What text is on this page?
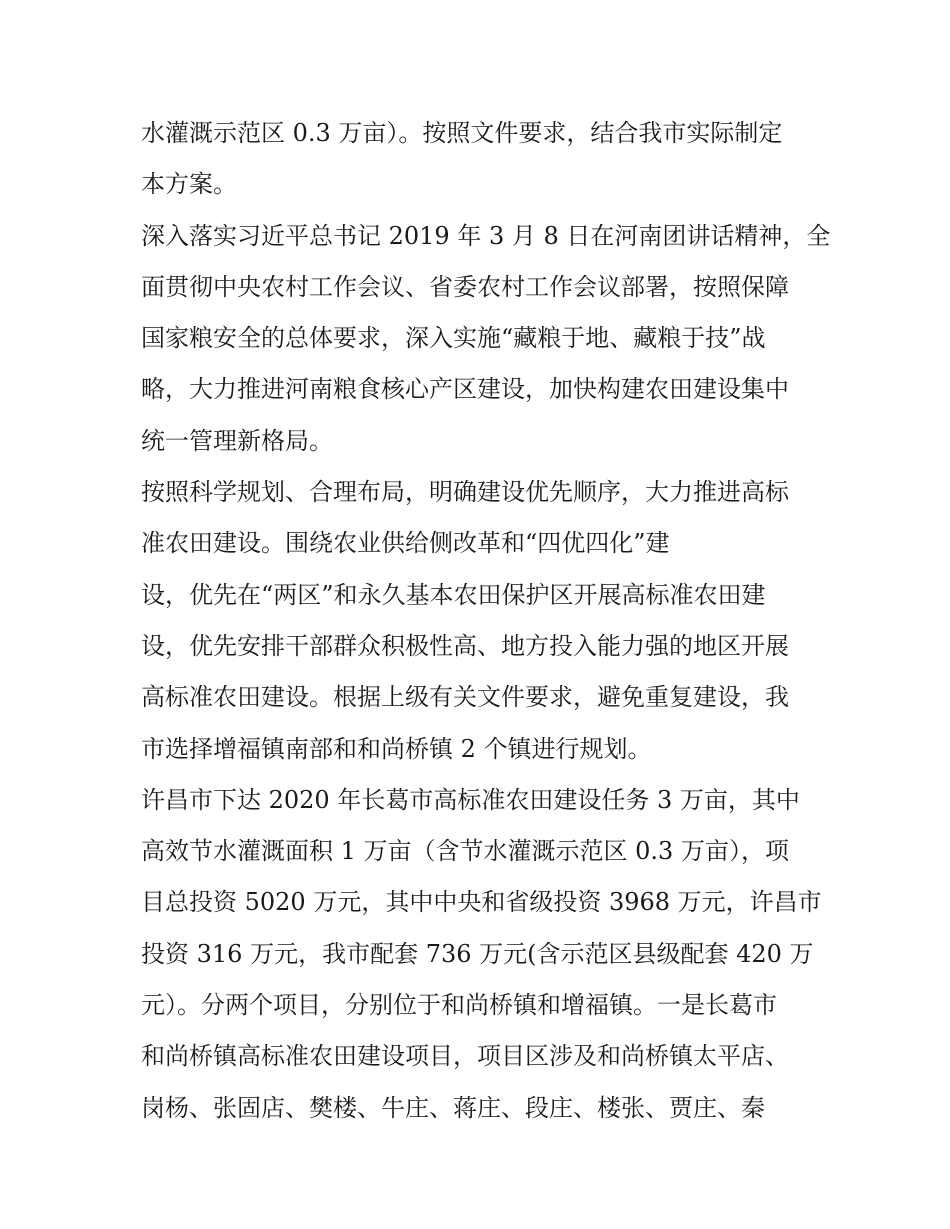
水灌溉示范区 0.3 万亩）。按照文件要求，结合我市实际制定
本方案。
深入落实习近平总书记 2019 年 3 月 8 日在河南团讲话精神，全
面贯彻中央农村工作会议、省委农村工作会议部署，按照保障
国家粮安全的总体要求，深入实施“藏粮于地、藏粮于技”战
略，大力推进河南粮食核心产区建设，加快构建农田建设集中
统一管理新格局。
按照科学规划、合理布局，明确建设优先顺序，大力推进高标
准农田建设。围绕农业供给侧改革和“四优四化”建
设，优先在“两区”和永久基本农田保护区开展高标准农田建
设，优先安排干部群众积极性高、地方投入能力强的地区开展
高标准农田建设。根据上级有关文件要求，避免重复建设，我
市选择增福镇南部和和尚桥镇 2 个镇进行规划。
许昌市下达 2020 年长葛市高标准农田建设任务 3 万亩，其中
高效节水灌溉面积 1 万亩（含节水灌溉示范区 0.3 万亩），项
目总投资 5020 万元，其中中央和省级投资 3968 万元，许昌市
投资 316 万元，我市配套 736 万元(含示范区县级配套 420 万
元）。分两个项目，分别位于和尚桥镇和增福镇。一是长葛市
和尚桥镇高标准农田建设项目，项目区涉及和尚桥镇太平店、
岗杨、张固店、樊楼、牛庄、蒋庄、段庄、楼张、贾庄、秦
